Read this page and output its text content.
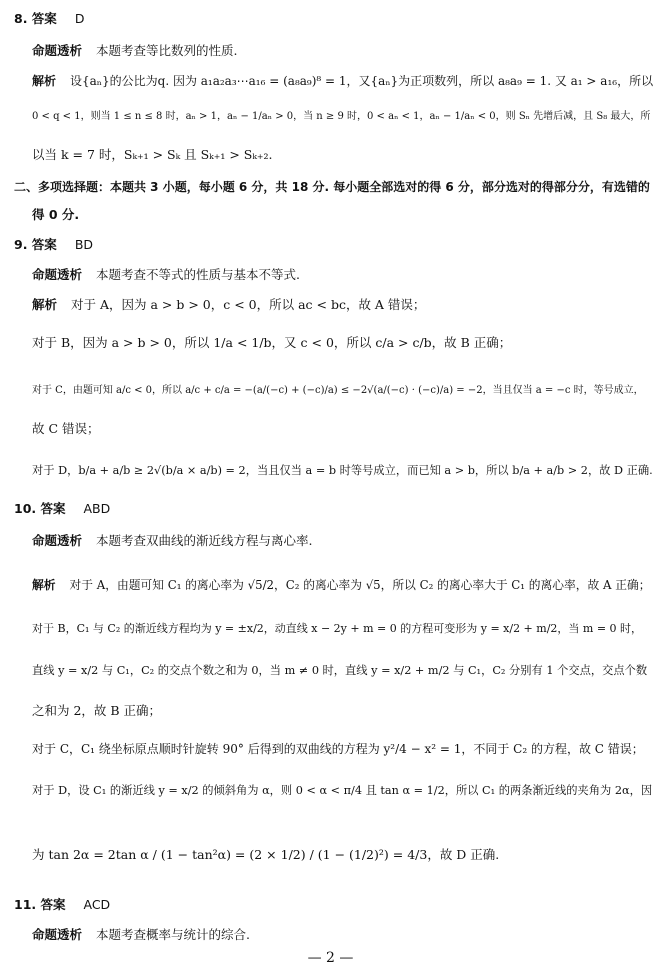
8. 答案 D
命题透析 本题考查等比数列的性质.
解析 设{aₙ}的公比为q. 因为 a₁a₂a₃⋯a₁₆ = (a₈a₉)⁸ = 1，又{aₙ}为正项数列，所以 a₈a₉ = 1. 又 a₁ > a₁₆，所以
0 < q < 1，则当 1 ≤ n ≤ 8 时，aₙ > 1，aₙ − 1/aₙ > 0，当 n ≥ 9 时，0 < aₙ < 1，aₙ − 1/aₙ < 0，则 Sₙ 先增后减，且 S₈ 最大，所
以当 k = 7 时，Sₖ₊₁ > Sₖ 且 Sₖ₊₁ > Sₖ₊₂.
二、多项选择题：本题共 3 小题，每小题 6 分，共 18 分. 每小题全部选对的得 6 分，部分选对的得部分分，有选错的
得 0 分.
9. 答案 BD
命题透析 本题考查不等式的性质与基本不等式.
解析 对于 A，因为 a > b > 0，c < 0，所以 ac < bc，故 A 错误；
对于 B，因为 a > b > 0，所以 1/a < 1/b，又 c < 0，所以 c/a > c/b，故 B 正确；
对于 C，由题可知 a/c < 0，所以 a/c + c/a = −(a/(−c) + (−c)/a) ≤ −2√(a/(−c) · (−c)/a) = −2，当且仅当 a = −c 时，等号成立，
故 C 错误；
对于 D，b/a + a/b ≥ 2√(b/a × a/b) = 2，当且仅当 a = b 时等号成立，而已知 a > b，所以 b/a + a/b > 2，故 D 正确.
10. 答案 ABD
命题透析 本题考查双曲线的渐近线方程与离心率.
解析 对于 A，由题可知 C₁ 的离心率为 √5/2，C₂ 的离心率为 √5，所以 C₂ 的离心率大于 C₁ 的离心率，故 A 正确；
对于 B，C₁ 与 C₂ 的渐近线方程均为 y = ±x/2，动直线 x − 2y + m = 0 的方程可变形为 y = x/2 + m/2，当 m = 0 时，
直线 y = x/2 与 C₁，C₂ 的交点个数之和为 0，当 m ≠ 0 时，直线 y = x/2 + m/2 与 C₁，C₂ 分别有 1 个交点，交点个数
之和为 2，故 B 正确；
对于 C，C₁ 绕坐标原点顺时针旋转 90° 后得到的双曲线的方程为 y²/4 − x² = 1，不同于 C₂ 的方程，故 C 错误；
对于 D，设 C₁ 的渐近线 y = x/2 的倾斜角为 α，则 0 < α < π/4 且 tan α = 1/2，所以 C₁ 的两条渐近线的夹角为 2α，因
为 tan 2α = 2tan α / (1 − tan²α) = (2 × 1/2) / (1 − (1/2)²) = 4/3，故 D 正确.
11. 答案 ACD
命题透析 本题考查概率与统计的综合.
— 2 —
